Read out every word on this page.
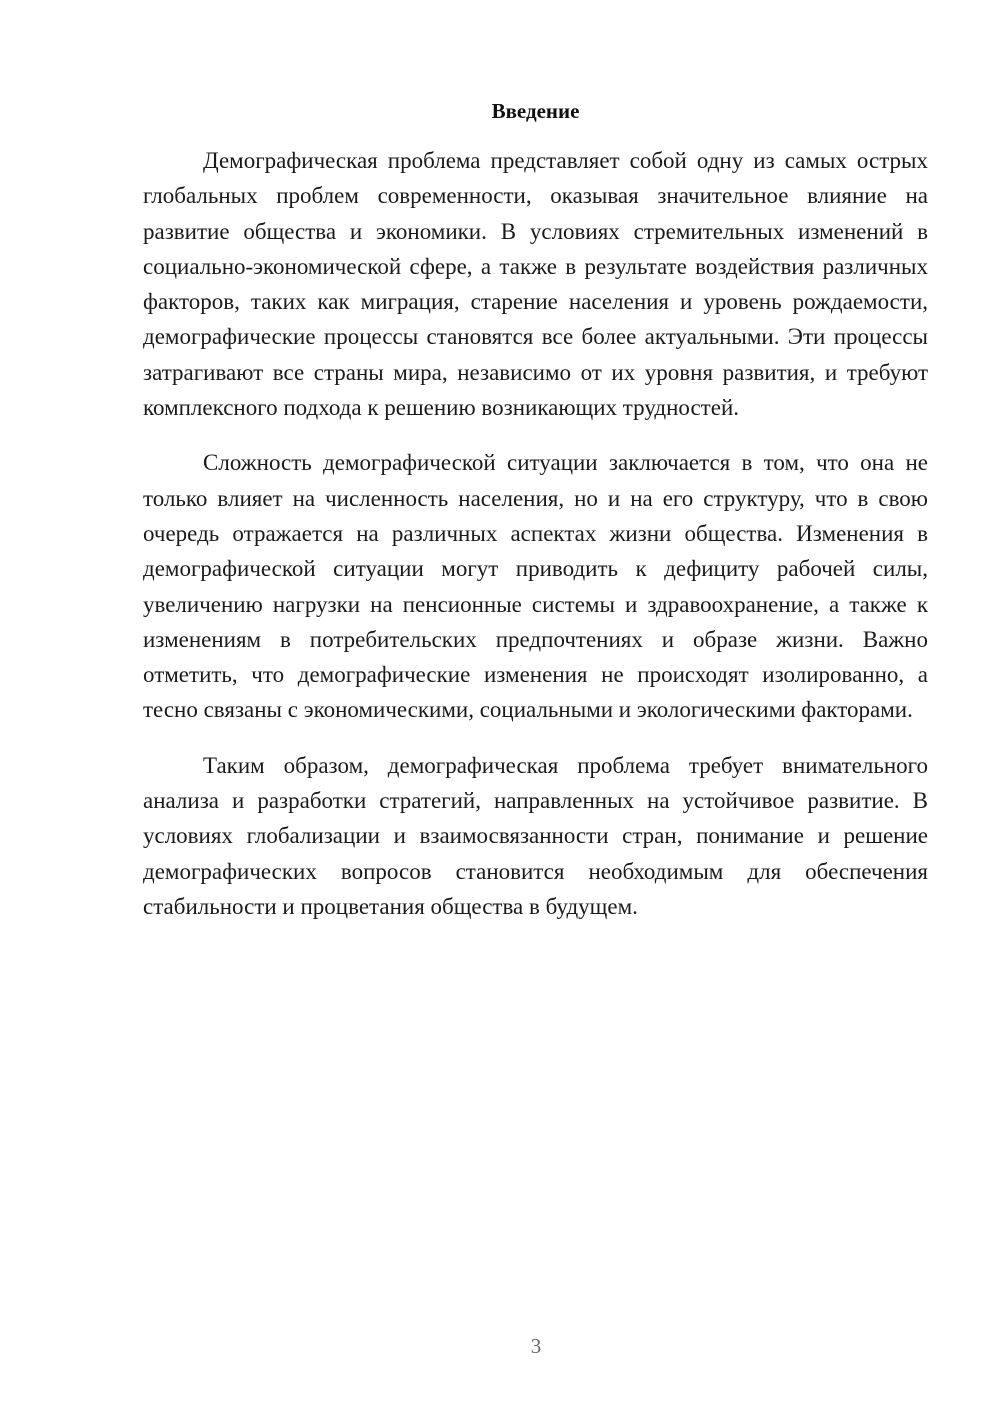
Введение

Демографическая проблема представляет собой одну из самых острых глобальных проблем современности, оказывая значительное влияние на развитие общества и экономики. В условиях стремительных изменений в социально-экономической сфере, а также в результате воздействия различных факторов, таких как миграция, старение населения и уровень рождаемости, демографические процессы становятся все более актуальными. Эти процессы затрагивают все страны мира, независимо от их уровня развития, и требуют комплексного подхода к решению возникающих трудностей.

Сложность демографической ситуации заключается в том, что она не только влияет на численность населения, но и на его структуру, что в свою очередь отражается на различных аспектах жизни общества. Изменения в демографической ситуации могут приводить к дефициту рабочей силы, увеличению нагрузки на пенсионные системы и здравоохранение, а также к изменениям в потребительских предпочтениях и образе жизни. Важно отметить, что демографические изменения не происходят изолированно, а тесно связаны с экономическими, социальными и экологическими факторами.

Таким образом, демографическая проблема требует внимательного анализа и разработки стратегий, направленных на устойчивое развитие. В условиях глобализации и взаимосвязанности стран, понимание и решение демографических вопросов становится необходимым для обеспечения стабильности и процветания общества в будущем.

3
